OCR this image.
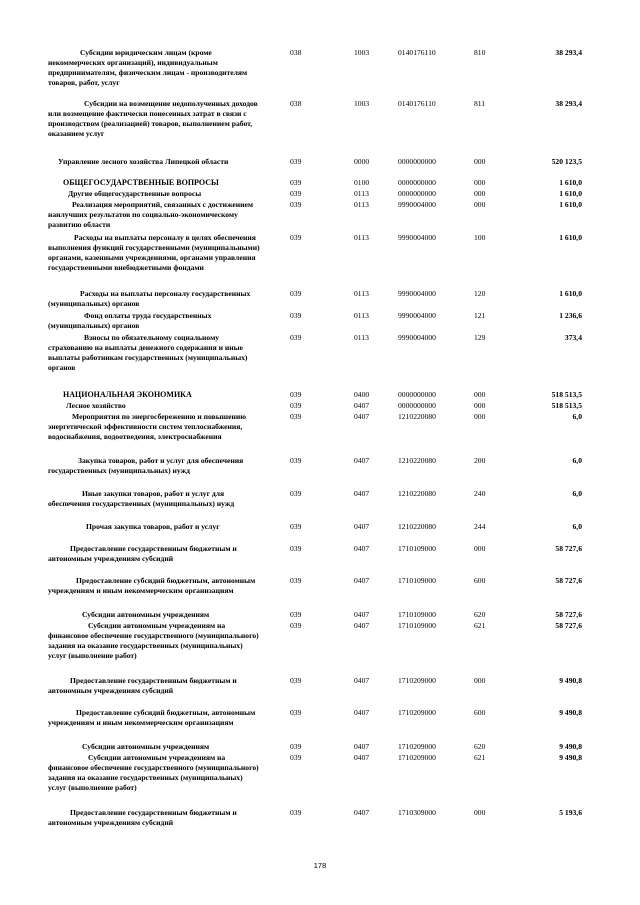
Субсидии юридическим лицам (кроме некоммерческих организаций), индивидуальным предпринимателям, физическим лицам - производителям товаров, работ, услуг
038	1003	0140176110	810	38 293,4
Субсидии на возмещение недополученных доходов или возмещение фактически понесенных затрат в связи с производством (реализацией) товаров, выполнением работ, оказанием услуг
038	1003	0140176110	811	38 293,4
Управление лесного хозяйства Липецкой области	039	0000	0000000000	000	520 123,5
ОБЩЕГОСУДАРСТВЕННЫЕ ВОПРОСЫ	039	0100	0000000000	000	1 610,0
Другие общегосударственные вопросы	039	0113	0000000000	000	1 610,0
Реализация мероприятий, связанных с достижением наилучших результатов по социально-экономическому развитию области
039	0113	9990004000	000	1 610,0
Расходы на выплаты персоналу в целях обеспечения выполнения функций государственными (муниципальными) органами, казенными учреждениями, органами управления государственными внебюджетными фондами
039	0113	9990004000	100	1 610,0
Расходы на выплаты персоналу государственных (муниципальных) органов
039	0113	9990004000	120	1 610,0
Фонд оплаты труда государственных (муниципальных) органов
039	0113	9990004000	121	1 236,6
Взносы по обязательному социальному страхованию на выплаты денежного содержания и иные выплаты работникам государственных (муниципальных) органов
039	0113	9990004000	129	373,4
НАЦИОНАЛЬНАЯ ЭКОНОМИКА	039	0400	0000000000	000	518 513,5
Лесное хозяйство	039	0407	0000000000	000	518 513,5
Мероприятия по энергосбережению и повышению энергетической эффективности систем теплоснабжения, водоснабжения, водоотведения, электроснабжения
039	0407	1210220080	000	6,0
Закупка товаров, работ и услуг для обеспечения государственных (муниципальных) нужд
039	0407	1210220080	200	6,0
Иные закупки товаров, работ и услуг для обеспечения государственных (муниципальных) нужд
039	0407	1210220080	240	6,0
Прочая закупка товаров, работ и услуг	039	0407	1210220080	244	6,0
Предоставление государственным бюджетным и автономным учреждениям субсидий
039	0407	1710109000	000	58 727,6
Предоставление субсидий бюджетным, автономным учреждениям и иным некоммерческим организациям
039	0407	1710109000	600	58 727,6
Субсидии автономным учреждениям	039	0407	1710109000	620	58 727,6
Субсидии автономным учреждениям на финансовое обеспечение государственного (муниципального) задания на оказание государственных (муниципальных) услуг (выполнение работ)
039	0407	1710109000	621	58 727,6
Предоставление государственным бюджетным и автономным учреждениям субсидий
039	0407	1710209000	000	9 490,8
Предоставление субсидий бюджетным, автономным учреждениям и иным некоммерческим организациям
039	0407	1710209000	600	9 490,8
Субсидии автономным учреждениям	039	0407	1710209000	620	9 490,8
Субсидии автономным учреждениям на финансовое обеспечение государственного (муниципального) задания на оказание государственных (муниципальных) услуг (выполнение работ)
039	0407	1710209000	621	9 490,8
Предоставление государственным бюджетным и автономным учреждениям субсидий
039	0407	1710309000	000	5 193,6
178
